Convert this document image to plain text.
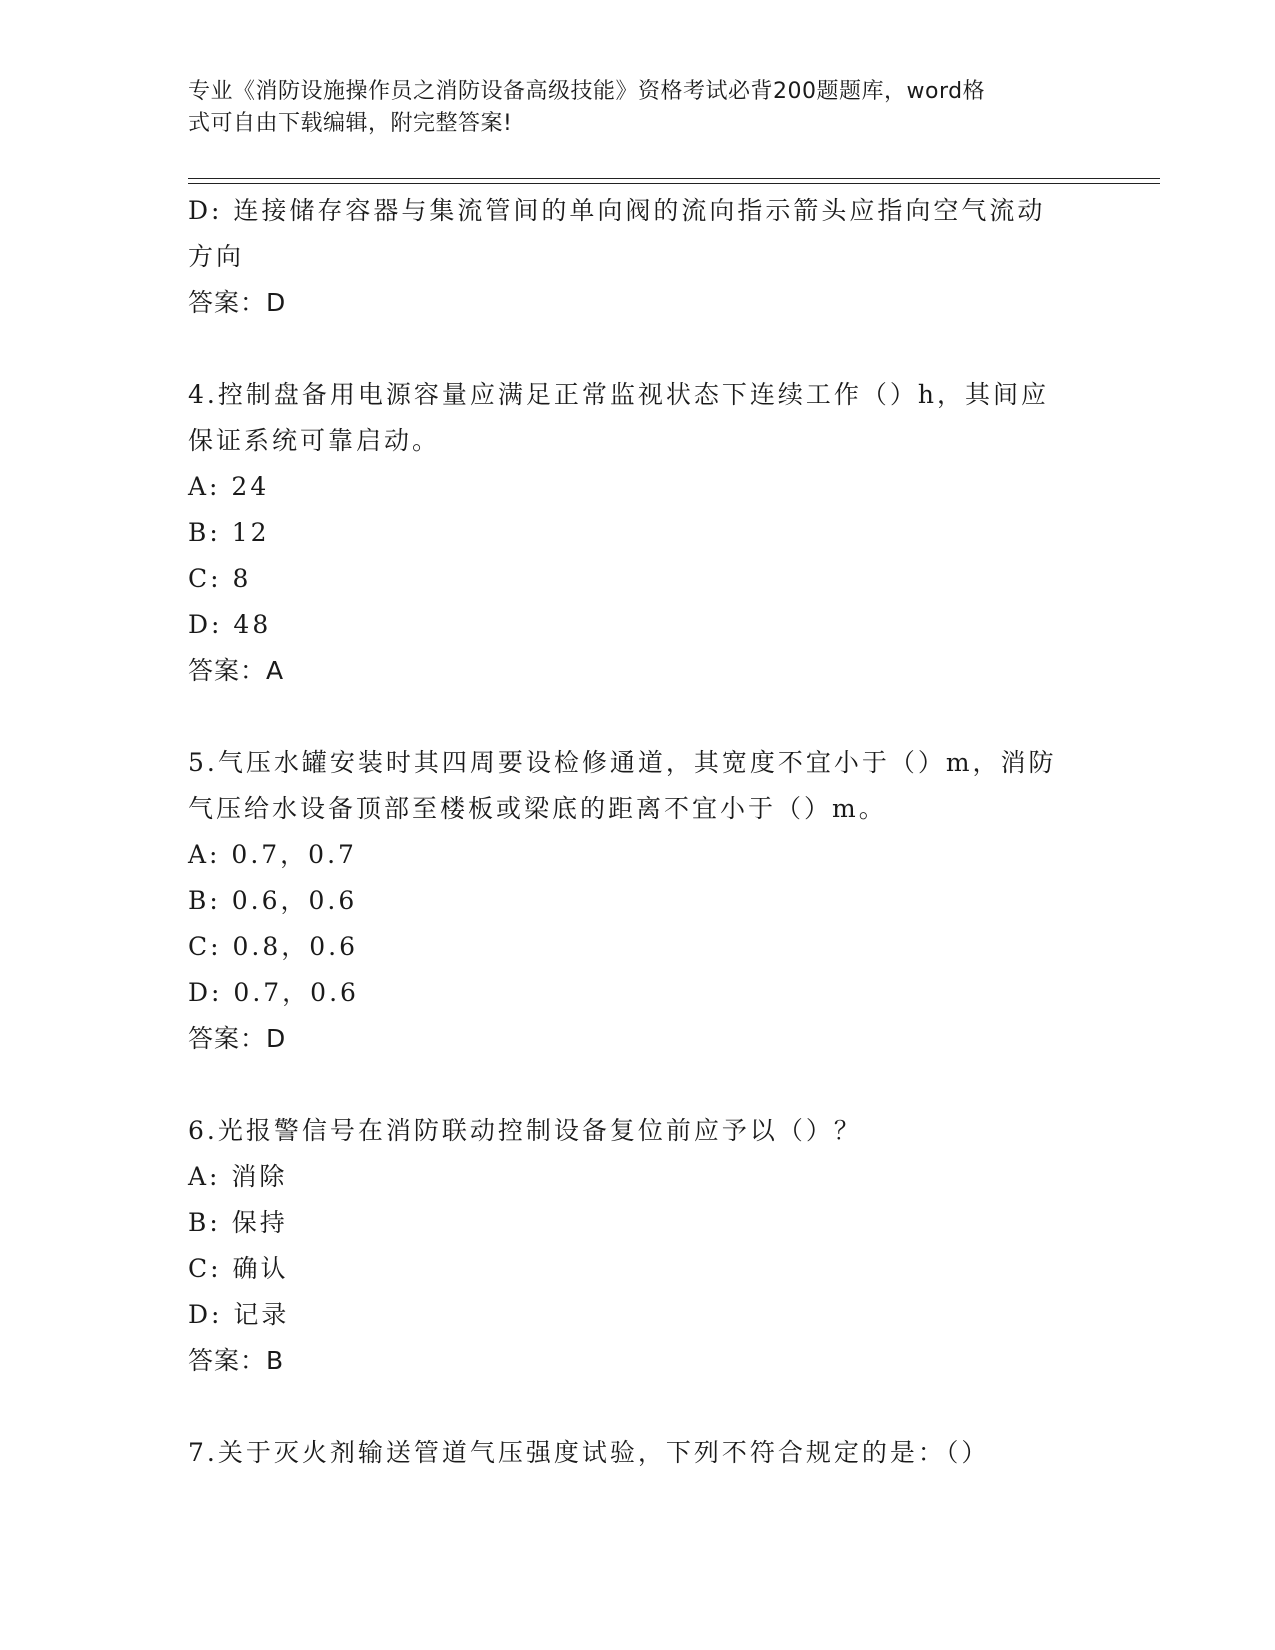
专业《消防设施操作员之消防设备高级技能》资格考试必背200题题库，word格
式可自由下载编辑，附完整答案!
D: 连接储存容器与集流管间的单向阀的流向指示箭头应指向空气流动
方向
答案：D
4.控制盘备用电源容量应满足正常监视状态下连续工作（）h，其间应
保证系统可靠启动。
A: 24
B: 12
C: 8
D: 48
答案：A
5.气压水罐安装时其四周要设检修通道，其宽度不宜小于（）m，消防
气压给水设备顶部至楼板或梁底的距离不宜小于（）m。
A: 0.7，0.7
B: 0.6，0.6
C: 0.8，0.6
D: 0.7，0.6
答案：D
6.光报警信号在消防联动控制设备复位前应予以（）？
A: 消除
B: 保持
C: 确认
D: 记录
答案：B
7.关于灭火剂输送管道气压强度试验，下列不符合规定的是：（）
